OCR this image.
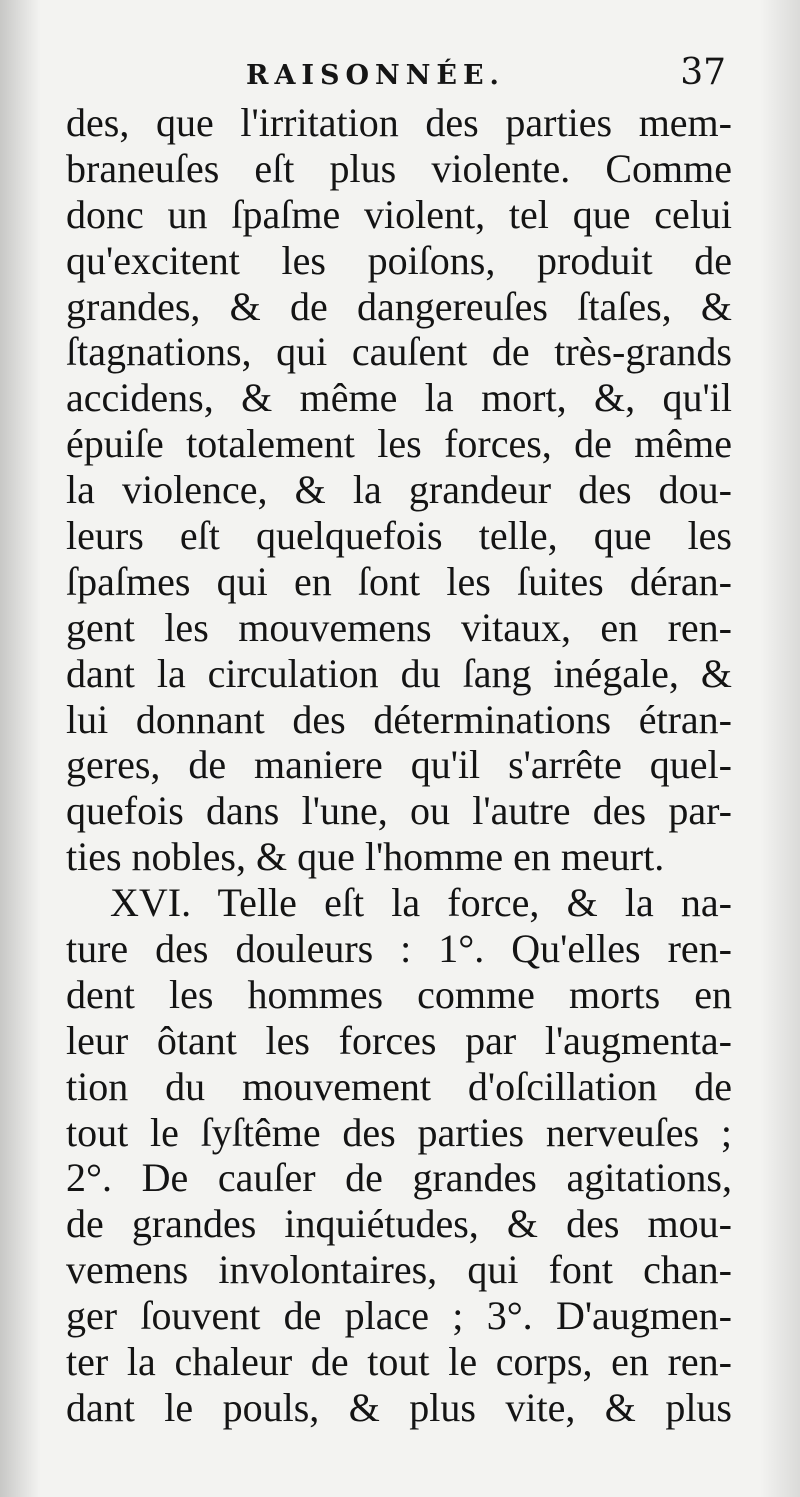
RAISONNÉE.	37
des, que l'irritation des parties mem-
braneuſes eſt plus violente. Comme
donc un ſpaſme violent, tel que celui
qu'excitent les poiſons, produit de
grandes, & de dangereuſes ſtaſes, &
ſtagnations, qui cauſent de très-grands
accidens, & même la mort, &, qu'il
épuiſe totalement les forces, de même
la violence, & la grandeur des dou-
leurs eſt quelquefois telle, que les
ſpaſmes qui en ſont les ſuites déran-
gent les mouvemens vitaux, en ren-
dant la circulation du ſang inégale, &
lui donnant des déterminations étran-
geres, de maniere qu'il s'arrête quel-
quefois dans l'une, ou l'autre des par-
ties nobles, & que l'homme en meurt.
XVI. Telle eſt la force, & la na-
ture des douleurs : 1°. Qu'elles ren-
dent les hommes comme morts en
leur ôtant les forces par l'augmenta-
tion du mouvement d'oſcillation de
tout le ſyſtême des parties nerveuſes ;
2°. De cauſer de grandes agitations,
de grandes inquiétudes, & des mou-
vemens involontaires, qui font chan-
ger ſouvent de place ; 3°. D'augmen-
ter la chaleur de tout le corps, en ren-
dant le pouls, & plus vite, & plus
